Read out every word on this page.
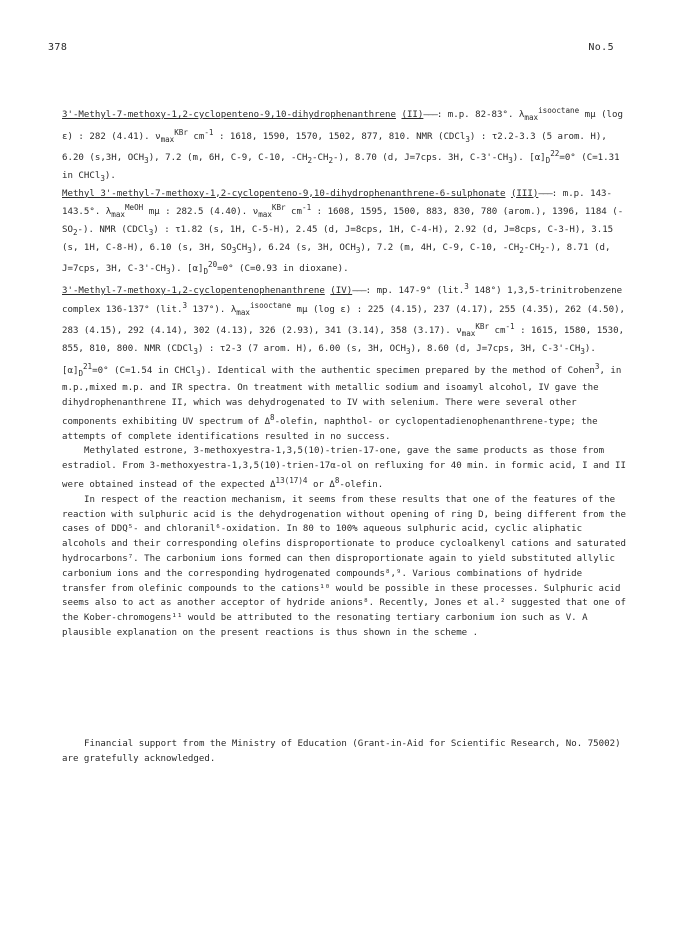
378	No.5

3'-Methyl-7-methoxy-1,2-cyclopenteno-9,10-dihydrophenanthrene (II)———: m.p. 82-83°. $\lambda_{max}^{isooctane}$ mμ (log ε) : 282 (4.41). $\nu_{max}^{KBr}$ $cm^{-1}$ : 1618, 1590, 1570, 1502, 877, 810. NMR (CDCl$_3$) : τ2.2-3.3 (5 arom. H), 6.20 (s,3H, $OCH_3$), 7.2 (m, 6H, C-9, C-10, $-CH_2-CH_2-$), 8.70 (d, J=7cps. 3H, $C-3'-CH_3$). $[\alpha]_D^{22}=0^\circ$ (C=1.31 in CHCl$_3$).

Methyl 3'-methyl-7-methoxy-1,2-cyclopenteno-9,10-dihydrophenanthrene-6-sulphonate (III)———: m.p. 143-143.5°. $\lambda_{max}^{MeOH}$ mμ : 282.5 (4.40). $\nu_{max}^{KBr}$ $cm^{-1}$ : 1608, 1595, 1500, 883, 830, 780 (arom.), 1396, 1184 $(-SO_2-)$. NMR (CDCl$_3$) : τ1.82 (s, 1H, C-5-H), 2.45 (d, J=8cps, 1H, C-4-H), 2.92 (d, J=8cps, C-3-H), 3.15 (s, 1H, C-8-H), 6.10 (s, 3H, $SO_3CH_3$), 6.24 (s, 3H, $OCH_3$), 7.2 (m, 4H, C-9, C-10, $-CH_2-CH_2-$), 8.71 (d, J=7cps, 3H, $C-3'-CH_3$). $[\alpha]_D^{20}=0^\circ$ (C=0.93 in dioxane).

3'-Methyl-7-methoxy-1,2-cyclopentenophenanthrene (IV)———: mp. 147-9° (lit.$^3$ 148°) 1,3,5-trinitrobenzene complex 136-137° (lit.$^3$ 137°). $\lambda_{max}^{isooctane}$ mμ (log ε) : 225 (4.15), 237 (4.17), 255 (4.35), 262 (4.50), 283 (4.15), 292 (4.14), 302 (4.13), 326 (2.93), 341 (3.14), 358 (3.17). $\nu_{max}^{KBr}$ $cm^{-1}$ : 1615, 1580, 1530, 855, 810, 800. NMR (CDCl$_3$) : τ2-3 (7 arom. H), 6.00 (s, 3H, $OCH_3$), 8.60 (d, J=7cps, 3H, $C-3'-CH_3$). $[\alpha]_D^{21}=0^\circ$ (C=1.54 in CHCl$_3$). Identical with the authentic specimen prepared by the method of Cohen$^3$, in m.p.,mixed m.p. and IR spectra. On treatment with metallic sodium and isoamyl alcohol, IV gave the dihydrophenanthrene II, which was dehydrogenated to IV with selenium. There were several other components exhibiting UV spectrum of $\Delta^8$-olefin, naphthol- or cyclopentadienophenanthrene-type; the attempts of complete identifications resulted in no success.

Methylated estrone, 3-methoxyestra-1,3,5(10)-trien-17-one, gave the same products as those from estradiol. From 3-methoxyestra-1,3,5(10)-trien-17α-ol on refluxing for 40 min. in formic acid, I and II were obtained instead of the expected $\Delta^{13(17)4}$ or $\Delta^8$-olefin.

In respect of the reaction mechanism, it seems from these results that one of the features of the reaction with sulphuric acid is the dehydrogenation without opening of ring D, being different from the cases of DDQ⁵- and chloranil⁶-oxidation. In 80 to 100% aqueous sulphuric acid, cyclic aliphatic alcohols and their corresponding olefins disproportionate to produce cycloalkenyl cations and saturated hydrocarbons⁷. The carbonium ions formed can then disproportionate again to yield substituted allylic carbonium ions and the corresponding hydrogenated compounds⁸,⁹. Various combinations of hydride transfer from olefinic compounds to the cations¹⁰ would be possible in these processes. Sulphuric acid seems also to act as another acceptor of hydride anions⁸. Recently, Jones et al.² suggested that one of the Kober-chromogens¹¹ would be attributed to the resonating tertiary carbonium ion such as V. A plausible explanation on the present reactions is thus shown in the scheme .

Financial support from the Ministry of Education (Grant-in-Aid for Scientific Research, No. 75002) are gratefully acknowledged.
